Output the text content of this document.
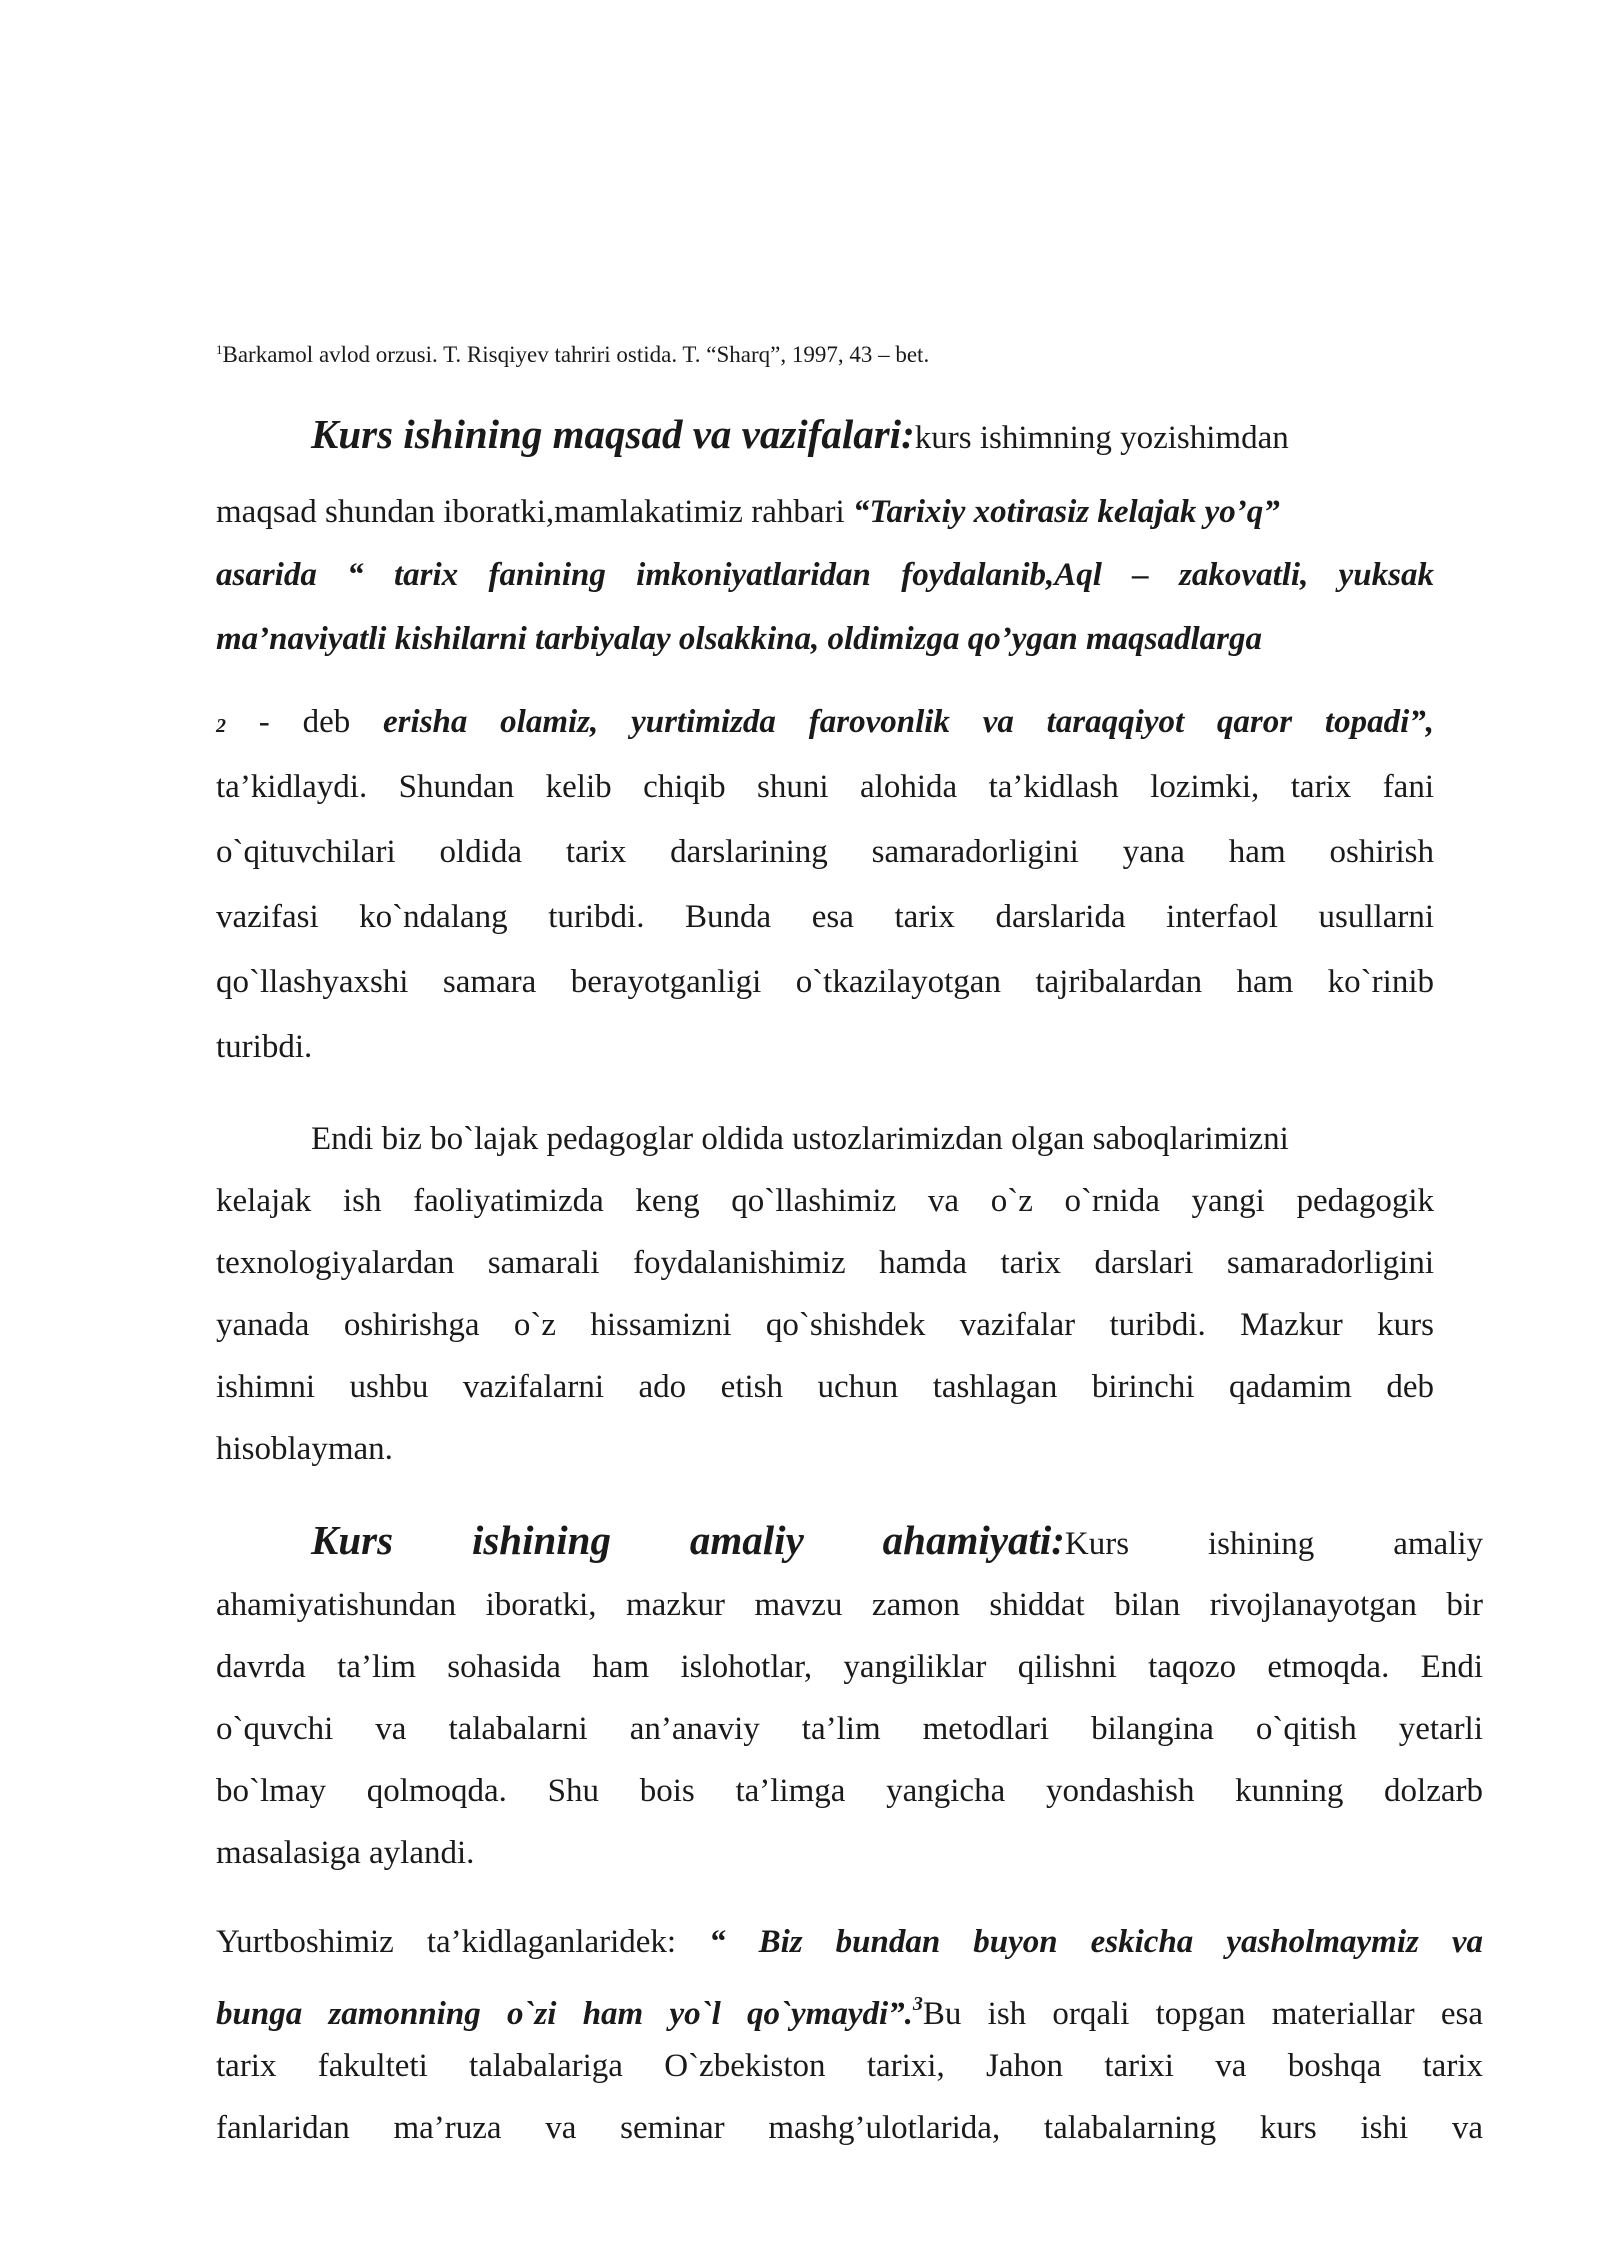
$^1$Barkamol avlod orzusi. T. Risqiyev tahriri ostida. T. “Sharq”, 1997, 43 – bet.
Kurs ishining maqsad va vazifalari:kurs ishimning yozishimdan
maqsad shundan iboratki,mamlakatimiz rahbari “Tarixiy xotirasiz kelajak yo’q”
asarida “ tarix fanining imkoniyatlaridan foydalanib,Aql – zakovatli, yuksak
ma’naviyatli kishilarni tarbiyalay olsakkina, oldimizga qo’ygan maqsadlarga
2 - deb erisha olamiz, yurtimizda farovonlik va taraqqiyot qaror topadi”,
ta’kidlaydi. Shundan kelib chiqib shuni alohida ta’kidlash lozimki, tarix fani
o`qituvchilari oldida tarix darslarining samaradorligini yana ham oshirish
vazifasi ko`ndalang turibdi. Bunda esa tarix darslarida interfaol usullarni
qo`llashyaxshi samara berayotganligi o`tkazilayotgan tajribalardan ham ko`rinib
turibdi.
Endi biz bo`lajak pedagoglar oldida ustozlarimizdan olgan saboqlarimizni
kelajak ish faoliyatimizda keng qo`llashimiz va o`z o`rnida yangi pedagogik
texnologiyalardan samarali foydalanishimiz hamda tarix darslari samaradorligini
yanada oshirishga o`z hissamizni qo`shishdek vazifalar turibdi. Mazkur kurs
ishimni ushbu vazifalarni ado etish uchun tashlagan birinchi qadamim deb
hisoblayman.
Kurs ishining amaliy ahamiyati:Kurs ishining amaliy
ahamiyatishundan iboratki, mazkur mavzu zamon shiddat bilan rivojlanayotgan bir
davrda ta’lim sohasida ham islohotlar, yangiliklar qilishni taqozo etmoqda. Endi
o`quvchi va talabalarni an’anaviy ta’lim metodlari bilangina o`qitish yetarli
bo`lmay qolmoqda. Shu bois ta’limga yangicha yondashish kunning dolzarb
masalasiga aylandi.
Yurtboshimiz ta’kidlaganlaridek: “ Biz bundan buyon eskicha yasholmaymiz va
bunga zamonning o`zi ham yo`l qo`ymaydi”.$^3$Bu ish orqali topgan materiallar esa
tarix fakulteti talabalariga O`zbekiston tarixi, Jahon tarixi va boshqa tarix
fanlaridan ma’ruza va seminar mashg’ulotlarida, talabalarning kurs ishi va
